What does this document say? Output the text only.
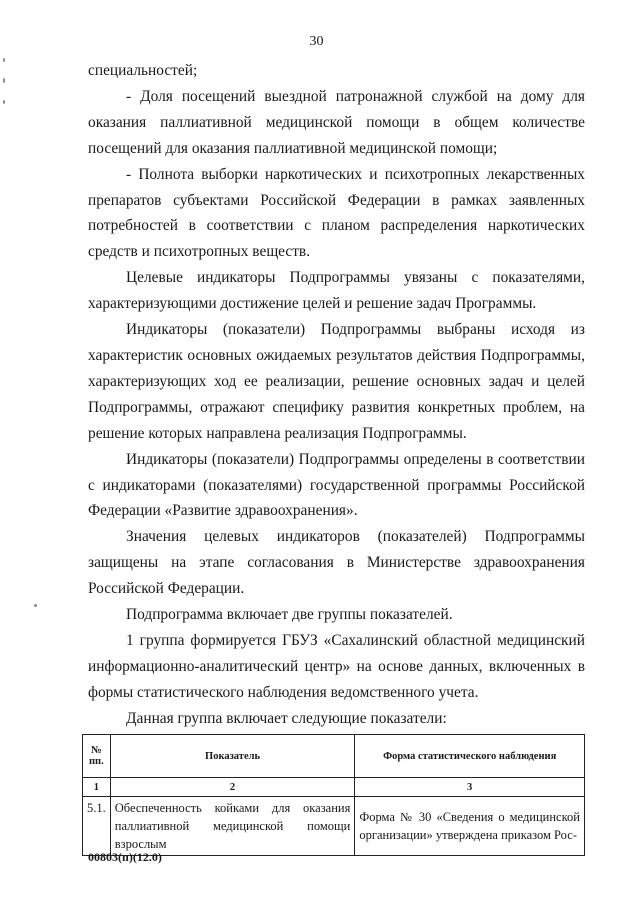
30

специальностей;

- Доля посещений выездной патронажной службой на дому для оказания паллиативной медицинской помощи в общем количестве посещений для оказания паллиативной медицинской помощи;

- Полнота выборки наркотических и психотропных лекарственных препаратов субъектами Российской Федерации в рамках заявленных потребностей в соответствии с планом распределения наркотических средств и психотропных веществ.

Целевые индикаторы Подпрограммы увязаны с показателями, характеризующими достижение целей и решение задач Программы.

Индикаторы (показатели) Подпрограммы выбраны исходя из характеристик основных ожидаемых результатов действия Подпрограммы, характеризующих ход ее реализации, решение основных задач и целей Подпрограммы, отражают специфику развития конкретных проблем, на решение которых направлена реализация Подпрограммы.

Индикаторы (показатели) Подпрограммы определены в соответствии с индикаторами (показателями) государственной программы Российской Федерации «Развитие здравоохранения».

Значения целевых индикаторов (показателей) Подпрограммы защищены на этапе согласования в Министерстве здравоохранения Российской Федерации.

Подпрограмма включает две группы показателей.

1 группа формируется ГБУЗ «Сахалинский областной медицинский информационно-аналитический центр» на основе данных, включенных в формы статистического наблюдения ведомственного учета.

Данная группа включает следующие показатели:

№ пп.	Показатель	Форма статистического наблюдения
1	2	3
5.1.	Обеспеченность койками для оказания паллиативной медицинской помощи взрослым	Форма № 30 «Сведения о медицинской организации» утверждена приказом Рос-
00803(п)(12.0)
